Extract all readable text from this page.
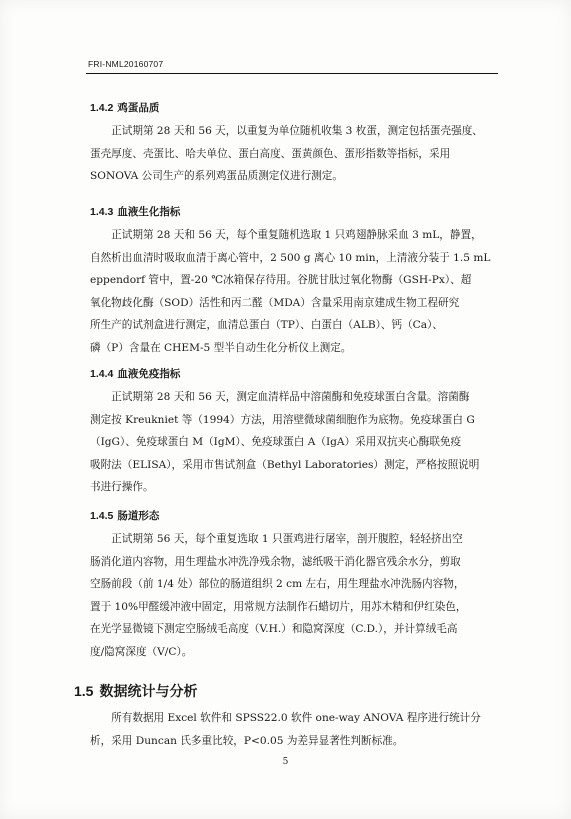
FRI-NML20160707
1.4.2 鸡蛋品质
正试期第 28 天和 56 天，以重复为单位随机收集 3 枚蛋，测定包括蛋壳强度、
蛋壳厚度、壳蛋比、哈夫单位、蛋白高度、蛋黄颜色、蛋形指数等指标，采用
SONOVA 公司生产的系列鸡蛋品质测定仪进行测定。
1.4.3 血液生化指标
正试期第 28 天和 56 天，每个重复随机选取 1 只鸡翅静脉采血 3 mL，静置，
自然析出血清时吸取血清于离心管中，2 500 g 离心 10 min，上清液分装于 1.5 mL
eppendorf 管中，置-20 ℃冰箱保存待用。谷胱甘肽过氧化物酶（GSH-Px）、超
氧化物歧化酶（SOD）活性和丙二醛（MDA）含量采用南京建成生物工程研究
所生产的试剂盒进行测定，血清总蛋白（TP）、白蛋白（ALB）、钙（Ca）、
磷（P）含量在 CHEM-5 型半自动生化分析仪上测定。
1.4.4 血液免疫指标
正试期第 28 天和 56 天，测定血清样品中溶菌酶和免疫球蛋白含量。溶菌酶
测定按 Kreukniet 等（1994）方法，用溶壁微球菌细胞作为底物。免疫球蛋白 G
（IgG）、免疫球蛋白 M（IgM）、免疫球蛋白 A（IgA）采用双抗夹心酶联免疫
吸附法（ELISA），采用市售试剂盒（Bethyl Laboratories）测定，严格按照说明
书进行操作。
1.4.5 肠道形态
正试期第 56 天，每个重复选取 1 只蛋鸡进行屠宰，剖开腹腔，轻轻挤出空
肠消化道内容物，用生理盐水冲洗净残余物，滤纸吸干消化器官残余水分，剪取
空肠前段（前 1/4 处）部位的肠道组织 2 cm 左右，用生理盐水冲洗肠内容物，
置于 10%甲醛缓冲液中固定，用常规方法制作石蜡切片，用苏木精和伊红染色，
在光学显微镜下测定空肠绒毛高度（V.H.）和隐窝深度（C.D.），并计算绒毛高
度/隐窝深度（V/C）。
1.5 数据统计与分析
所有数据用 Excel 软件和 SPSS22.0 软件 one-way ANOVA 程序进行统计分
析，采用 Duncan 氏多重比较，P<0.05 为差异显著性判断标准。
5
